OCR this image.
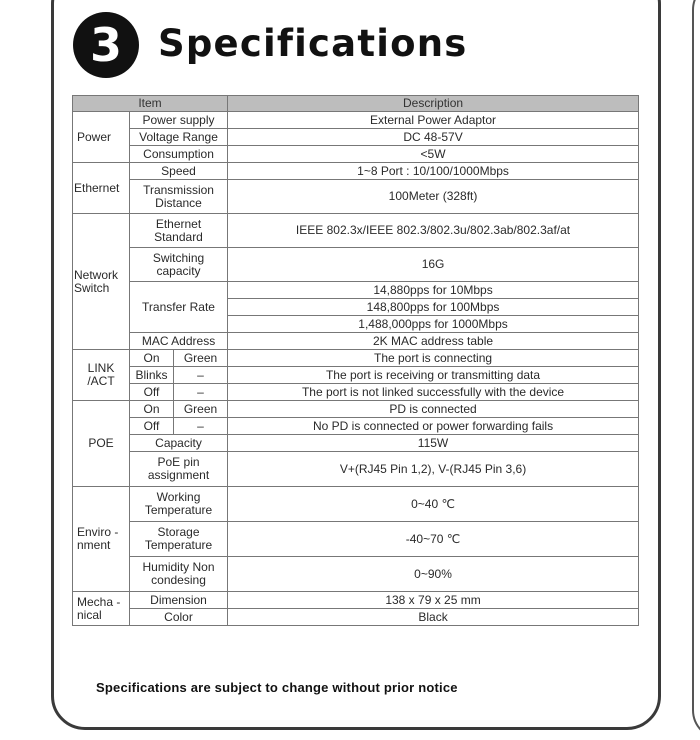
3 Specifications
Item			Description
Power	Power supply		External Power Adaptor
	Voltage Range		DC 48-57V
	Consumption		<5W
Ethernet	Speed		1~8 Port : 10/100/1000Mbps
	Transmission Distance		100Meter (328ft)
Network Switch	Ethernet Standard		IEEE 802.3x/IEEE 802.3/802.3u/802.3ab/802.3af/at
	Switching capacity		16G
	Transfer Rate		14,880pps for 10Mbps
			148,800pps for 100Mbps
			1,488,000pps for 1000Mbps
	MAC Address		2K MAC address table
LINK /ACT	On	Green	The port is connecting
	Blinks	–	The port is receiving or transmitting data
	Off	–	The port is not linked successfully with the device
POE	On	Green	PD is connected
	Off	–	No PD is connected or power forwarding fails
	Capacity		115W
	PoE pin assignment		V+(RJ45 Pin 1,2), V-(RJ45 Pin 3,6)
Enviro -nment	Working Temperature		0~40 ℃
	Storage Temperature		-40~70 ℃
	Humidity Non condesing		0~90%
Mecha -nical	Dimension		138 x 79 x 25 mm
	Color		Black
Specifications are subject to change without prior notice
